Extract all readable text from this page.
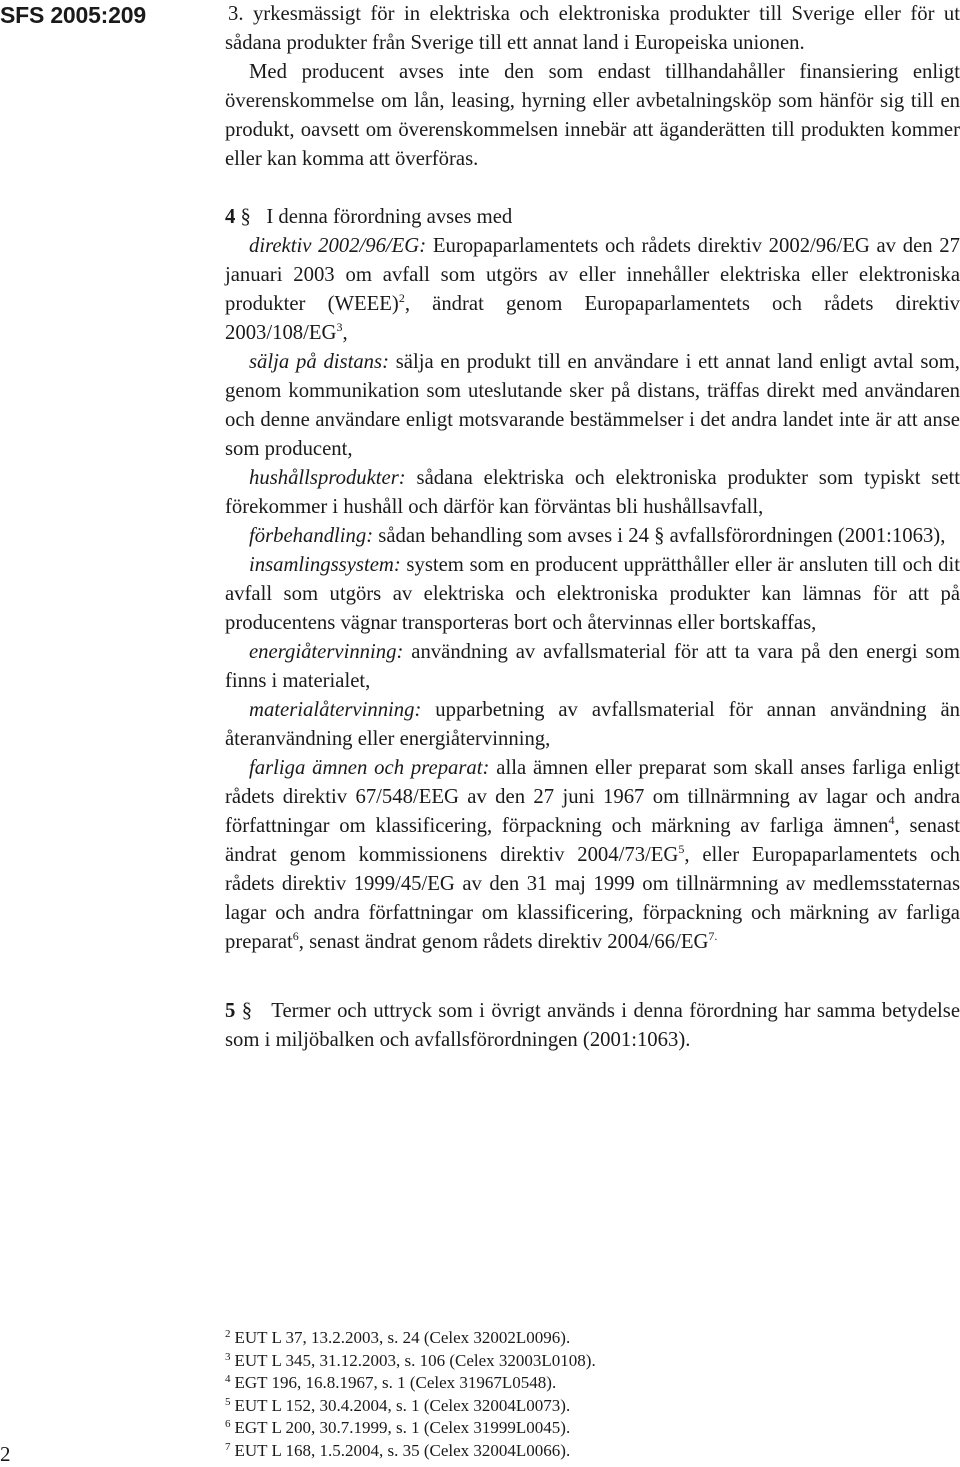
SFS 2005:209
2

3. yrkesmässigt för in elektriska och elektroniska produkter till Sverige eller för ut sådana produkter från Sverige till ett annat land i Europeiska unionen.

Med producent avses inte den som endast tillhandahåller finansiering enligt överenskommelse om lån, leasing, hyrning eller avbetalningsköp som hänför sig till en produkt, oavsett om överenskommelsen innebär att äganderätten till produkten kommer eller kan komma att överföras.

4 § I denna förordning avses med

direktiv 2002/96/EG: Europaparlamentets och rådets direktiv 2002/96/EG av den 27 januari 2003 om avfall som utgörs av eller innehåller elektriska eller elektroniska produkter (WEEE)$^2$, ändrat genom Europaparlamentets och rådets direktiv $2003/108/EG^3$,

sälja på distans: sälja en produkt till en användare i ett annat land enligt avtal som, genom kommunikation som uteslutande sker på distans, träffas direkt med användaren och denne användare enligt motsvarande bestämmelser i det andra landet inte är att anse som producent,

hushållsprodukter: sådana elektriska och elektroniska produkter som typiskt sett förekommer i hushåll och därför kan förväntas bli hushållsavfall,

förbehandling: sådan behandling som avses i 24 § avfallsförordningen (2001:1063),

insamlingssystem: system som en producent upprätthåller eller är ansluten till och dit avfall som utgörs av elektriska och elektroniska produkter kan lämnas för att på producentens vägnar transporteras bort och återvinnas eller bortskaffas,

energiåtervinning: användning av avfallsmaterial för att ta vara på den energi som finns i materialet,

materialåtervinning: upparbetning av avfallsmaterial för annan användning än återanvändning eller energiåtervinning,

farliga ämnen och preparat: alla ämnen eller preparat som skall anses farliga enligt rådets direktiv 67/548/EEG av den 27 juni 1967 om tillnärmning av lagar och andra författningar om klassificering, förpackning och märkning av farliga ämnen$^4$, senast ändrat genom kommissionens direktiv $2004/73/EG^5$, eller Europaparlamentets och rådets direktiv 1999/45/EG av den 31 maj 1999 om tillnärmning av medlemsstaternas lagar och andra författningar om klassificering, förpackning och märkning av farliga preparat$^6$, senast ändrat genom rådets direktiv $2004/66/EG^{7.}$

5 § Termer och uttryck som i övrigt används i denna förordning har samma betydelse som i miljöbalken och avfallsförordningen (2001:1063).

$^2$ EUT L 37, 13.2.2003, s. 24 (Celex 32002L0096).
$^3$ EUT L 345, 31.12.2003, s. 106 (Celex 32003L0108).
$^4$ EGT 196, 16.8.1967, s. 1 (Celex 31967L0548).
$^5$ EUT L 152, 30.4.2004, s. 1 (Celex 32004L0073).
$^6$ EGT L 200, 30.7.1999, s. 1 (Celex 31999L0045).
$^7$ EUT L 168, 1.5.2004, s. 35 (Celex 32004L0066).
